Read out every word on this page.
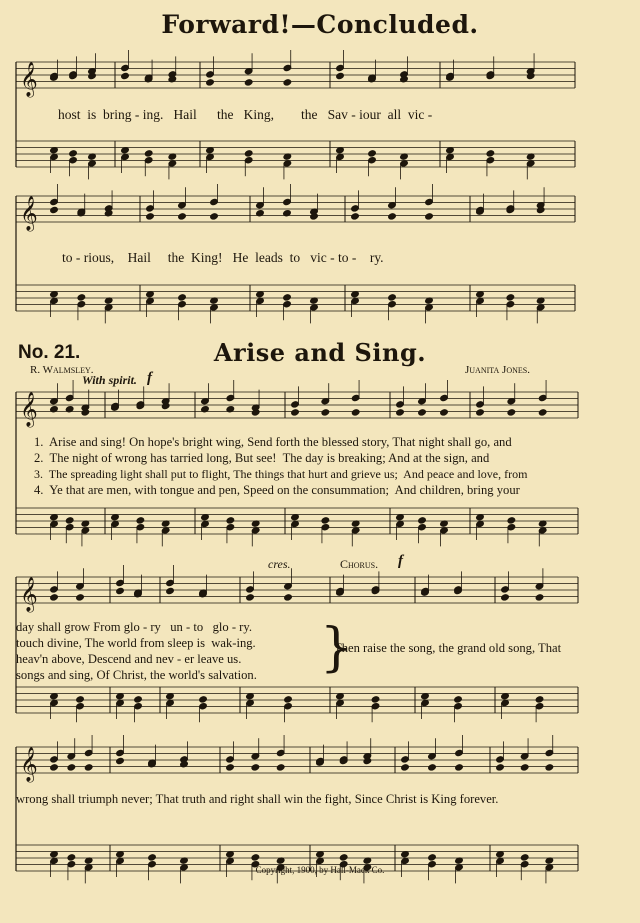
Forward!—Concluded.
𝄞
𝄞
𝄞
𝄞
𝄞
host  is  bring - ing.   Hail      the   King,        the   Sav - iour  all  vic -
to - rious,    Hail     the  King!   He  leads  to   vic - to -    ry.
No. 21.	Arise and Sing.
R. Walmsley.	Juanita Jones.
With spirit. f
1.  Arise and sing! On hope's bright wing, Send forth the blessed story, That night shall go, and
2.  The night of wrong has tarried long, But see!  The day is breaking; And at the sign, and
3.  The spreading light shall put to flight, The things that hurt and grieve us;  And peace and love, from
4.  Ye that are men, with tongue and pen, Speed on the consummation;  And children, bring your
cres.	Chorus. f
day shall grow From glo - ry   un - to   glo - ry.
touch divine, The world from sleep is  wak-ing.
heav'n above, Descend and nev - er leave us.
songs and sing, Of Christ, the world's salvation. }
Then raise the song, the grand old song, That
wrong shall triumph never; That truth and right shall win the fight, Since Christ is King forever.
Copyright, 1900, by Hall-Mack Co.
